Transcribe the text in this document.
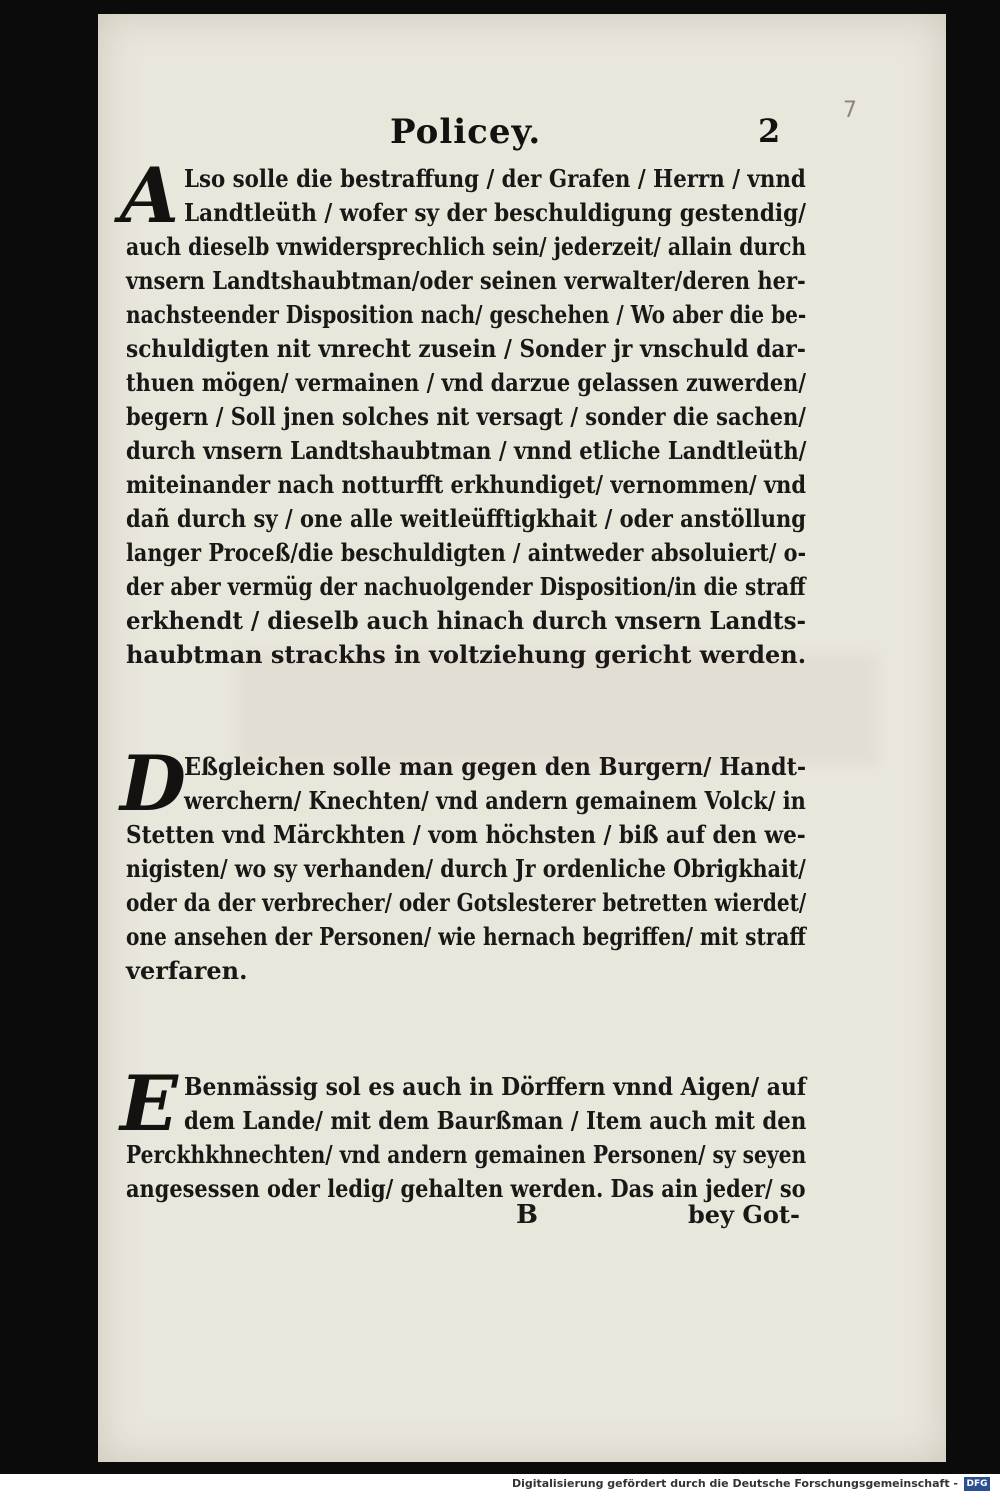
Policey.	2
7
A Lso solle die bestraffung / der Grafen / Herrn / vnnd
Landtleüth / wofer sy der beschuldigung gestendig/
auch dieselb vnwidersprechlich sein/ jederzeit/ allain durch
vnsern Landtshaubtman/oder seinen verwalter/deren her-
nachsteender Disposition nach/ geschehen / Wo aber die be-
schuldigten nit vnrecht zusein / Sonder jr vnschuld dar-
thuen mögen/ vermainen / vnd darzue gelassen zuwerden/
begern / Soll jnen solches nit versagt / sonder die sachen/
durch vnsern Landtshaubtman / vnnd etliche Landtleüth/
miteinander nach notturfft erkhundiget/ vernommen/ vnd
dañ durch sy / one alle weitleüfftigkhait / oder anstöllung
langer Proceß/die beschuldigten / aintweder absoluiert/ o-
der aber vermüg der nachuolgender Disposition/in die straff
erkhendt / dieselb auch hinach durch vnsern Landts-
haubtman strackhs in voltziehung gericht werden.
D
Eßgleichen solle man gegen den Burgern/ Handt-
werchern/ Knechten/ vnd andern gemainem Volck/ in
Stetten vnd Märckhten / vom höchsten / biß auf den we-
nigisten/ wo sy verhanden/ durch Jr ordenliche Obrigkhait/
oder da der verbrecher/ oder Gotslesterer betretten wierdet/
one ansehen der Personen/ wie hernach begriffen/ mit straff
verfaren.
E Benmässig sol es auch in Dörffern vnnd Aigen/ auf
dem Lande/ mit dem Baurßman / Item auch mit den
Perckhkhnechten/ vnd andern gemainen Personen/ sy seyen
angesessen oder ledig/ gehalten werden. Das ain jeder/ so
B	bey Got-
Digitalisierung gefördert durch die Deutsche Forschungsgemeinschaft - DFG
